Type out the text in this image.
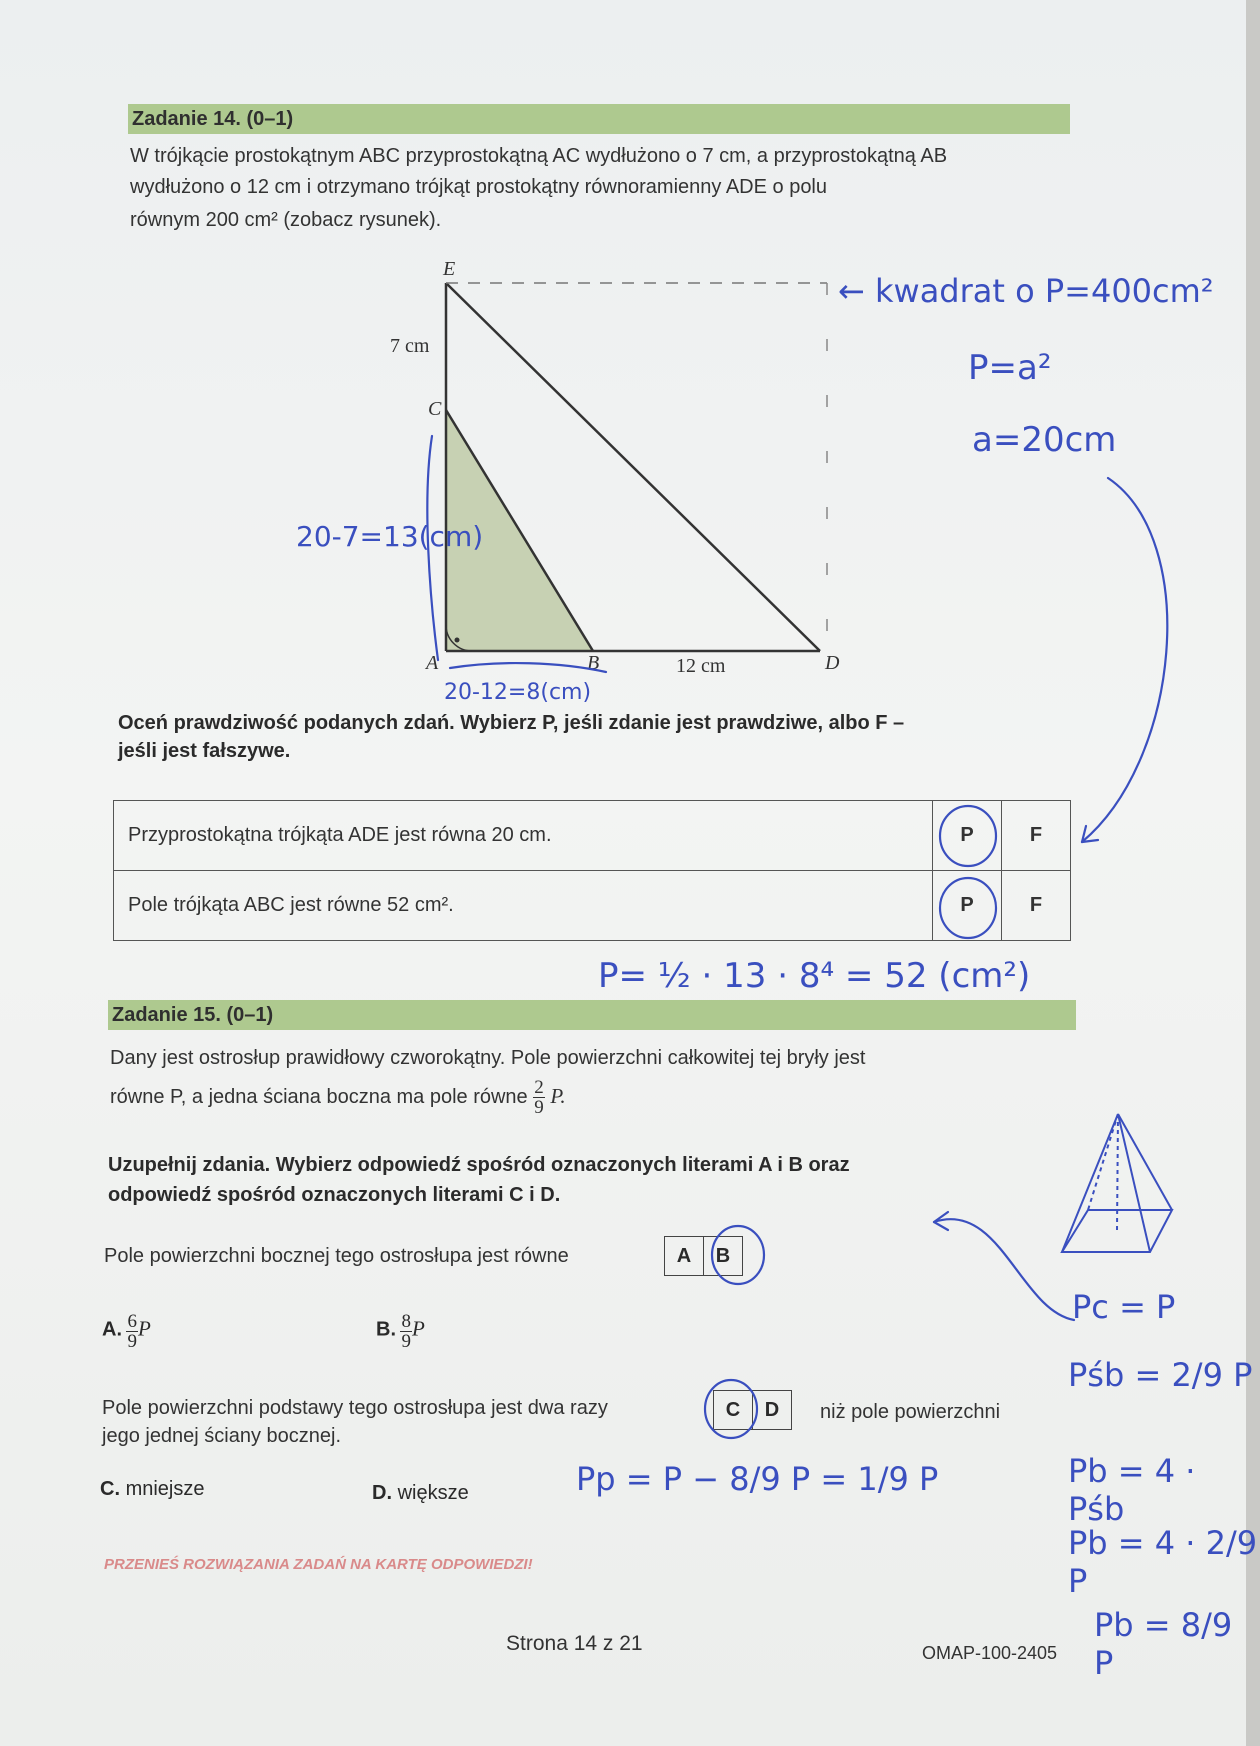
Zadanie 14. (0–1)
W trójkącie prostokątnym ABC przyprostokątną AC wydłużono o 7 cm, a przyprostokątną AB
wydłużono o 12 cm i otrzymano trójkąt prostokątny równoramienny ADE o polu
równym 200 cm² (zobacz rysunek).
E
C
A	B	D
7 cm
12 cm
Oceń prawdziwość podanych zdań. Wybierz P, jeśli zdanie jest prawdziwe, albo F –
jeśli jest fałszywe.
Przyprostokątna trójkąta ADE jest równa 20 cm.	P	F
Pole trójkąta ABC jest równe 52 cm².	P	F
Zadanie 15. (0–1)
Dany jest ostrosłup prawidłowy czworokątny. Pole powierzchni całkowitej tej bryły jest
równe P, a jedna ściana boczna ma pole równe $\frac{2}{9} P$.
Uzupełnij zdania. Wybierz odpowiedź spośród oznaczonych literami A i B oraz
odpowiedź spośród oznaczonych literami C i D.
Pole powierzchni bocznej tego ostrosłupa jest równe	A	B
A. $\frac{6}{9}$ P	B. $\frac{8}{9}$ P
Pole powierzchni podstawy tego ostrosłupa jest dwa razy	C	D	niż pole powierzchni
jego jednej ściany bocznej.
C. mniejsze	D. większe
PRZENIEŚ ROZWIĄZANIA ZADAŃ NA KARTĘ ODPOWIEDZI!
Strona 14 z 21	OMAP-100-2405
← kwadrat o P=400cm²
P=a²
a=20cm
20-7=13(cm)
20-12=8(cm)
P= ½ · 13 · 8⁴ = 52 (cm²)
Pp = P − 8/9 P = 1/9 P
Pc = P
Pśb = 2/9 P
Pb = 4 · Pśb
Pb = 4 · 2/9 P
Pb = 8/9 P
